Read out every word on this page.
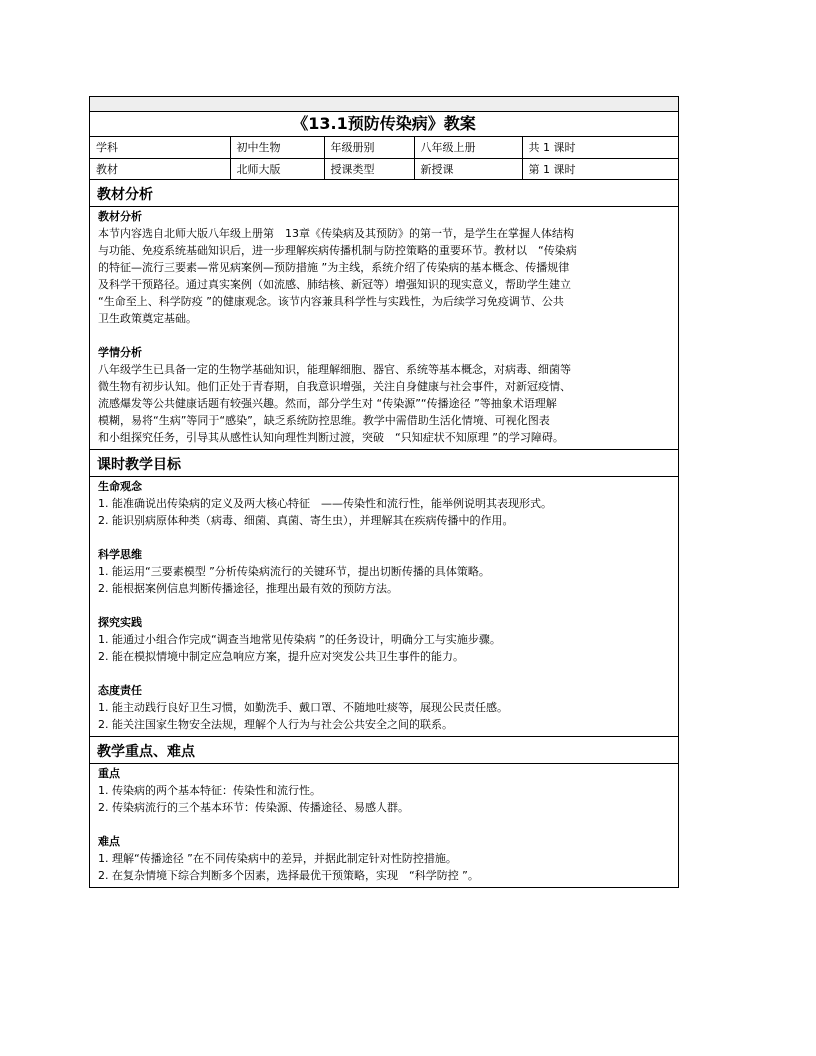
《13.1预防传染病》教案
学科	初中生物	年级册别	八年级上册	共 1 课时
教材	北师大版	授课类型	新授课	第 1 课时
教材分析

教材分析

本节内容选自北师大版八年级上册第　13章《传染病及其预防》的第一节，是学生在掌握人体结构

与功能、免疫系统基础知识后，进一步理解疾病传播机制与防控策略的重要环节。教材以　“传染病

的特征—流行三要素—常见病案例—预防措施 ”为主线，系统介绍了传染病的基本概念、传播规律

及科学干预路径。通过真实案例（如流感、肺结核、新冠等）增强知识的现实意义，帮助学生建立

“生命至上、科学防疫 ”的健康观念。该节内容兼具科学性与实践性，为后续学习免疫调节、公共

卫生政策奠定基础。

学情分析

八年级学生已具备一定的生物学基础知识，能理解细胞、器官、系统等基本概念，对病毒、细菌等

微生物有初步认知。他们正处于青春期，自我意识增强，关注自身健康与社会事件，对新冠疫情、

流感爆发等公共健康话题有较强兴趣。然而，部分学生对 “传染源”“传播途径 ”等抽象术语理解

模糊，易将“生病”等同于“感染”，缺乏系统防控思维。教学中需借助生活化情境、可视化图表

和小组探究任务，引导其从感性认知向理性判断过渡，突破　“只知症状不知原理 ”的学习障碍。

课时教学目标

生命观念

1. 能准确说出传染病的定义及两大核心特征　——传染性和流行性，能举例说明其表现形式。

2. 能识别病原体种类（病毒、细菌、真菌、寄生虫），并理解其在疾病传播中的作用。

科学思维

1. 能运用“三要素模型 ”分析传染病流行的关键环节，提出切断传播的具体策略。

2. 能根据案例信息判断传播途径，推理出最有效的预防方法。

探究实践

1. 能通过小组合作完成“调查当地常见传染病 ”的任务设计，明确分工与实施步骤。

2. 能在模拟情境中制定应急响应方案，提升应对突发公共卫生事件的能力。

态度责任

1. 能主动践行良好卫生习惯，如勤洗手、戴口罩、不随地吐痰等，展现公民责任感。

2. 能关注国家生物安全法规，理解个人行为与社会公共安全之间的联系。

教学重点、难点

重点

1. 传染病的两个基本特征：传染性和流行性。

2. 传染病流行的三个基本环节：传染源、传播途径、易感人群。

难点

1. 理解“传播途径 ”在不同传染病中的差异，并据此制定针对性防控措施。

2. 在复杂情境下综合判断多个因素，选择最优干预策略，实现　“科学防控 ”。
